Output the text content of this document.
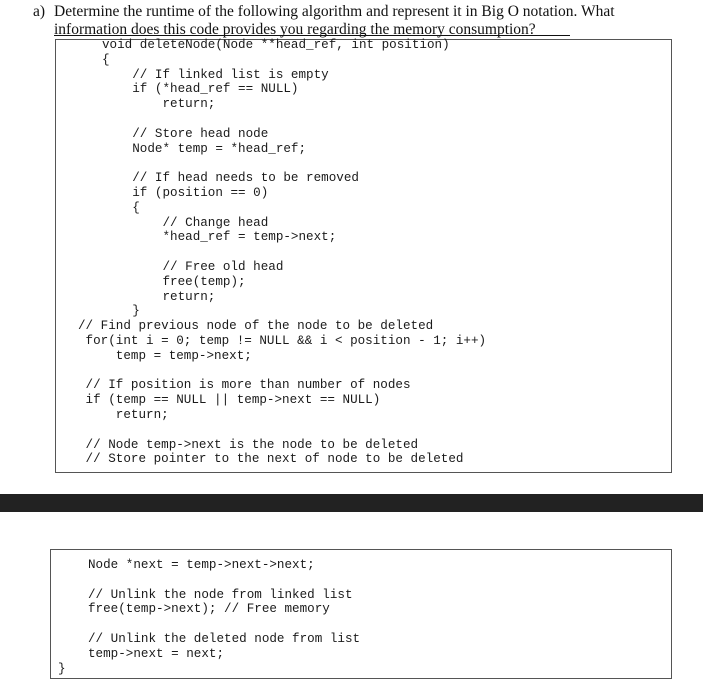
a) Determine the runtime of the following algorithm and represent it in Big O notation. What
information does this code provides you regarding the memory consumption?
void deleteNode(Node **head_ref, int position)
{
// If linked list is empty
if (*head_ref == NULL)
return;
// Store head node
Node* temp = *head_ref;
// If head needs to be removed
if (position == 0)
{
// Change head
*head_ref = temp->next;
// Free old head
free(temp);
return;
}
// Find previous node of the node to be deleted
for(int i = 0; temp != NULL && i < position - 1; i++)
temp = temp->next;
// If position is more than number of nodes
if (temp == NULL || temp->next == NULL)
return;
// Node temp->next is the node to be deleted
// Store pointer to the next of node to be deleted
Node *next = temp->next->next;
// Unlink the node from linked list
free(temp->next); // Free memory
// Unlink the deleted node from list
temp->next = next;
}
